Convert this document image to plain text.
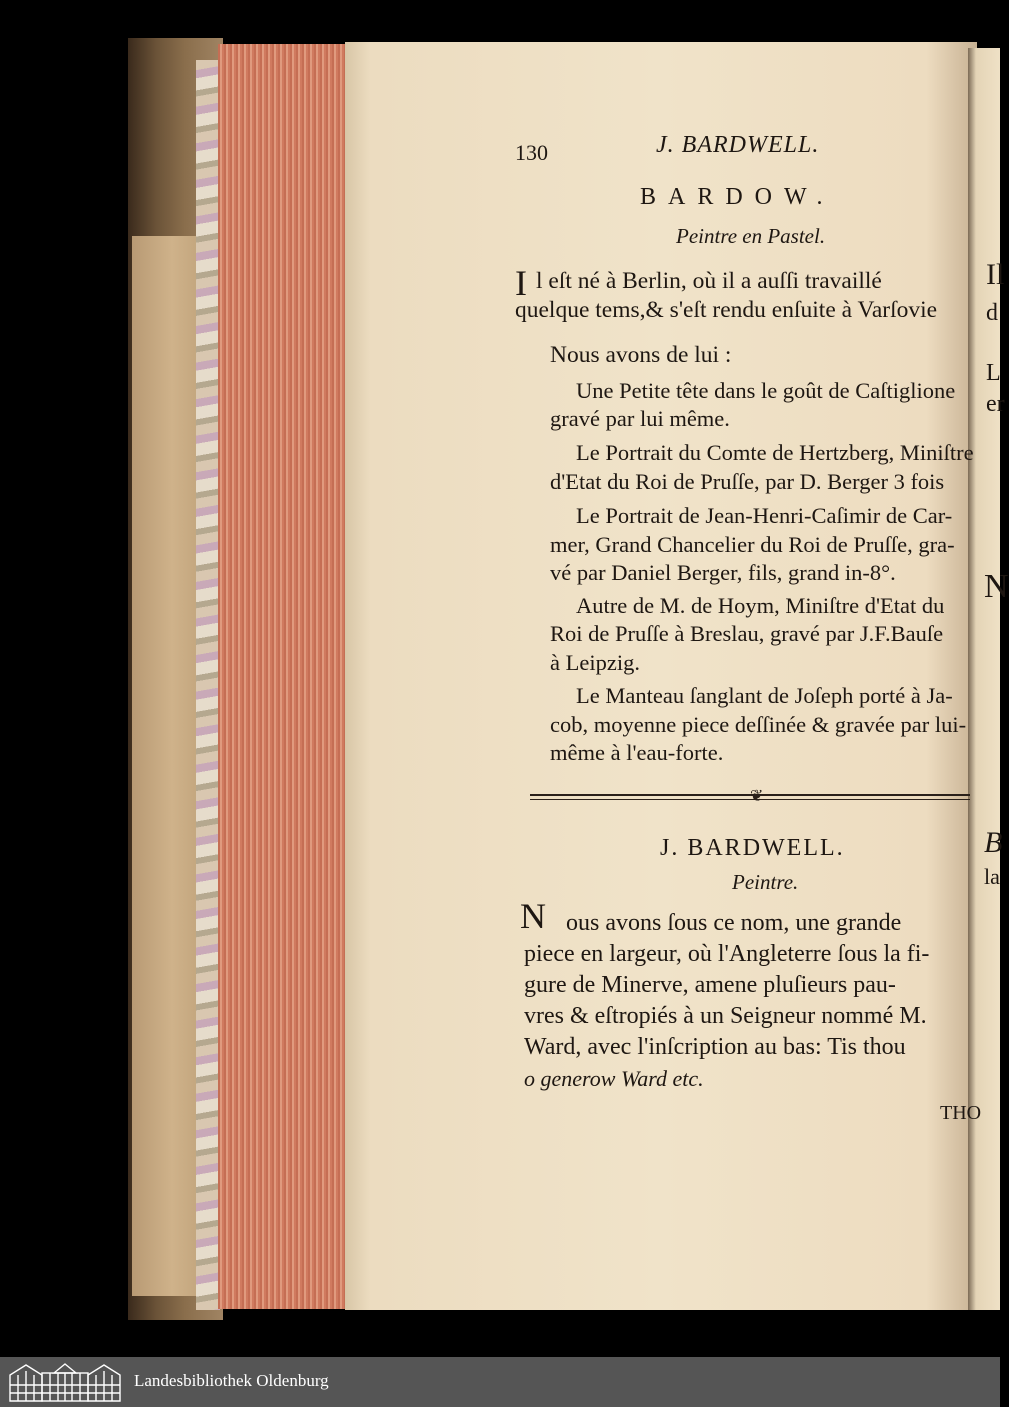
Il
d
L
er
N
B
la
130	J. BARDWELL.
BARDOW.
Peintre en Pastel.
I l eſt né à Berlin, où il a auſſi travaillé
quelque tems,& s'eſt rendu enſuite à Varſovie
Nous avons de lui :
Une Petite tête dans le goût de Caſtiglione
gravé par lui même.
Le Portrait du Comte de Hertzberg, Miniſtre
d'Etat du Roi de Pruſſe, par D. Berger 3 fois
Le Portrait de Jean-Henri-Caſimir de Car-
mer, Grand Chancelier du Roi de Pruſſe, gra-
vé par Daniel Berger, fils, grand in-8°.
Autre de M. de Hoym, Miniſtre d'Etat du
Roi de Pruſſe à Breslau, gravé par J.F.Bauſe
à Leipzig.
Le Manteau ſanglant de Joſeph porté à Ja-
cob, moyenne piece deſſinée & gravée par lui-
même à l'eau-forte.
❦
J. BARDWELL.
Peintre.
N ous avons ſous ce nom, une grande
piece en largeur, où l'Angleterre ſous la fi-
gure de Minerve, amene pluſieurs pau-
vres & eſtropiés à un Seigneur nommé M.
Ward, avec l'inſcription au bas: Tis thou
o generow Ward etc.
THO
Landesbibliothek Oldenburg
